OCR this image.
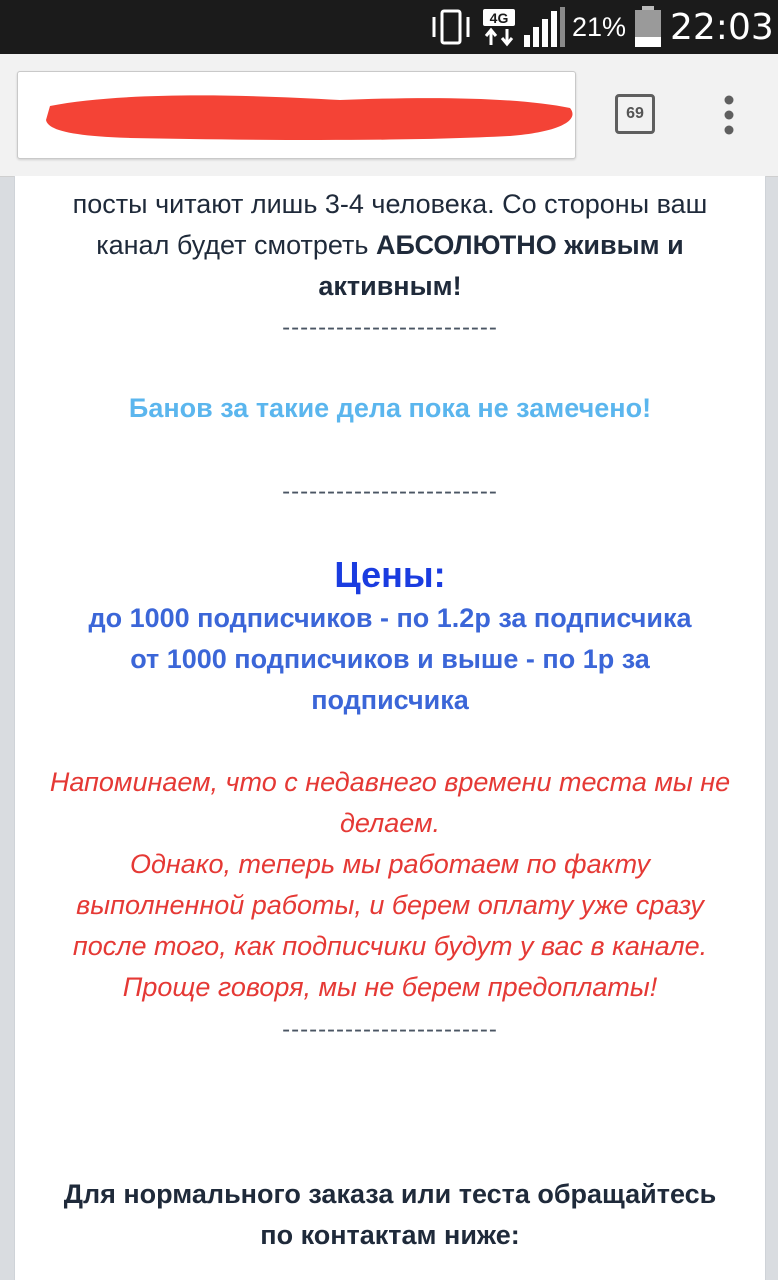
4G 21% 22:03
69
посты читают лишь 3-4 человека. Со стороны ваш
канал будет смотреть АБСОЛЮТНО живым и
активным!
------------------------
Банов за такие дела пока не замечено!
------------------------
Цены:
до 1000 подписчиков - по 1.2р за подписчика
от 1000 подписчиков и выше - по 1р за
подписчика
Напоминаем, что с недавнего времени теста мы не
делаем.
Однако, теперь мы работаем по факту
выполненной работы, и берем оплату уже сразу
после того, как подписчики будут у вас в канале.
Проще говоря, мы не берем предоплаты!
------------------------
Для нормального заказа или теста обращайтесь
по контактам ниже:
